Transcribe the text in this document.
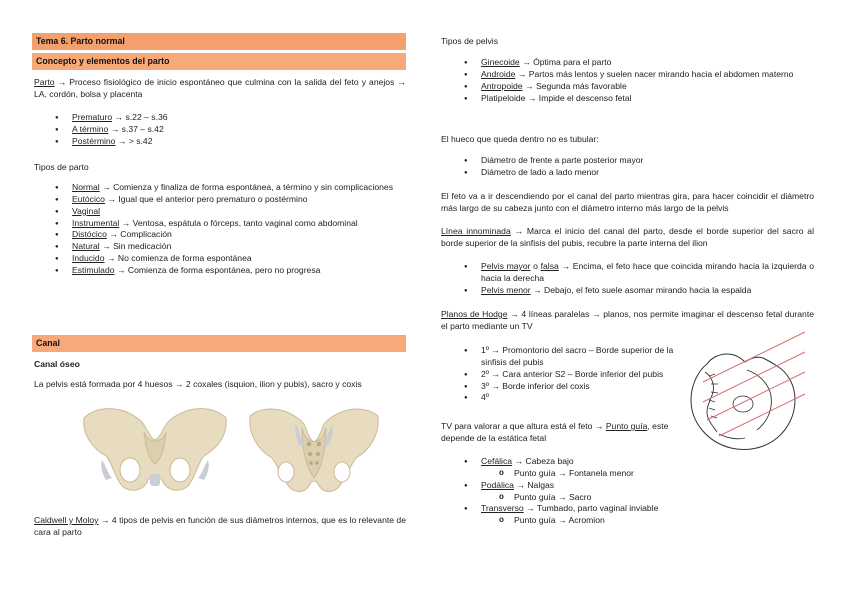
Tema 6. Parto normal
Concepto y elementos del parto

Parto → Proceso fisiológico de inicio espontáneo que culmina con la salida del feto y anejos → LA, cordón, bolsa y placenta

● Prematuro → s.22 – s.36
● A término → s.37 – s.42
● Postérmino → > s.42

Tipos de parto

● Normal → Comienza y finaliza de forma espontánea, a término y sin complicaciones
● Eutócico → Igual que el anterior pero prematuro o postérmino
● Vaginal
● Instrumental → Ventosa, espátula o fórceps, tanto vaginal como abdominal
● Distócico → Complicación
● Natural → Sin medicación
● Inducido → No comienza de forma espontánea
● Estimulado → Comienza de forma espontánea, pero no progresa
Canal

Canal óseo

La pelvis está formada por 4 huesos → 2 coxales (isquion, ilion y pubis), sacro y coxis

Caldwell y Moloy → 4 tipos de pelvis en función de sus diámetros internos, que es lo relevante de cara al parto

Tipos de pelvis

● Ginecoide → Óptima para el parto
● Androide → Partos más lentos y suelen nacer mirando hacia el abdomen materno
● Antropoide → Segunda más favorable
● Platipeloide → Impide el descenso fetal

El hueco que queda dentro no es tubular:

● Diámetro de frente a parte posterior mayor
● Diámetro de lado a lado menor

El feto va a ir descendiendo por el canal del parto mientras gira, para hacer coincidir el diámetro más largo de su cabeza junto con el diámetro interno más largo de la pelvis

Línea innominada → Marca el inicio del canal del parto, desde el borde superior del sacro al borde superior de la sinfisis del pubis, recubre la parte interna del ilion

● Pelvis mayor o falsa → Encima, el feto hace que coincida mirando hacia la izquierda o hacia la derecha
● Pelvis menor → Debajo, el feto suele asomar mirando hacia la espalda

Planos de Hodge → 4 líneas paralelas → planos, nos permite imaginar el descenso fetal durante el parto mediante un TV

● 1º → Promontorio del sacro – Borde superior de la sinfisis del pubis
● 2º → Cara anterior S2 – Borde inferior del pubis
● 3º → Borde inferior del coxis
● 4º

TV para valorar a que altura está el feto → Punto guía, este depende de la estática fetal

● Cefálica → Cabeza bajo
o Punto guía → Fontanela menor
● Podálica → Nalgas
o Punto guía → Sacro
● Transverso → Tumbado, parto vaginal inviable
o Punto guía → Acromion
